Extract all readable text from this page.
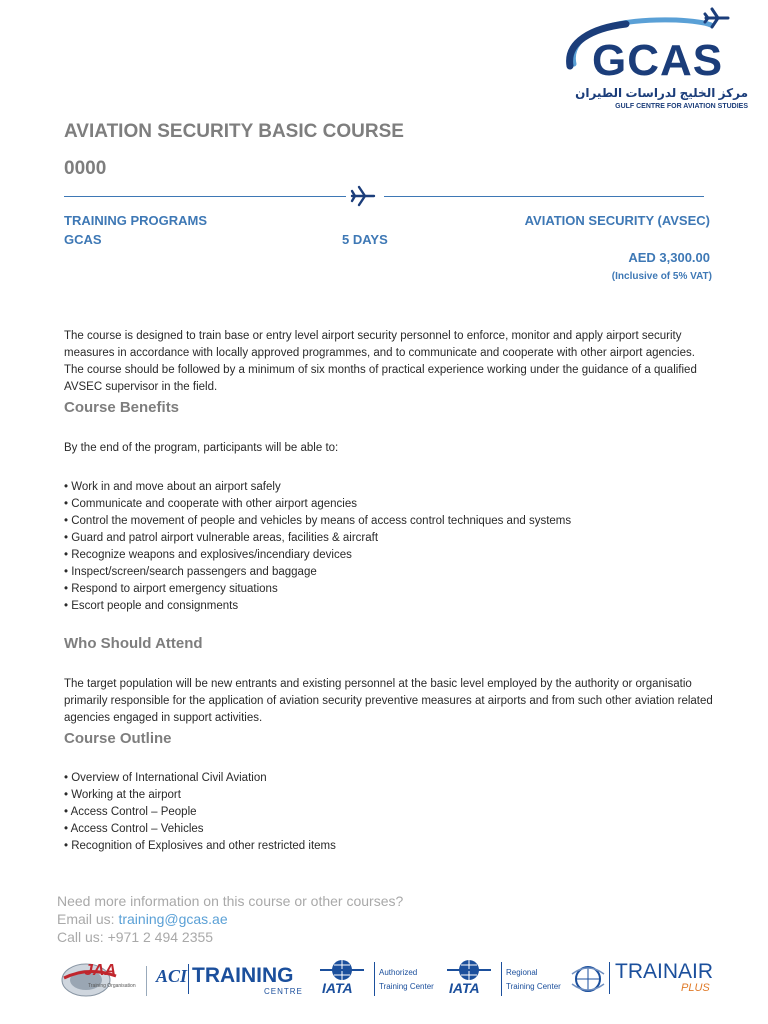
GCAS
مركز الخليج لدراسات الطيران
GULF CENTRE FOR AVIATION STUDIES
AVIATION SECURITY BASIC COURSE
0000
TRAINING PROGRAMS
GCAS	5 DAYS
AVIATION SECURITY (AVSEC)
AED 3,300.00
(Inclusive of 5% VAT)

The course is designed to train base or entry level airport security personnel to enforce, monitor and apply airport security measures in accordance with locally approved programmes, and to communicate and cooperate with other airport agencies. The course should be followed by a minimum of six months of practical experience working under the guidance of a qualified AVSEC supervisor in the field.

Course Benefits

By the end of the program, participants will be able to:

• Work in and move about an airport safely
• Communicate and cooperate with other airport agencies
• Control the movement of people and vehicles by means of access control techniques and systems
• Guard and patrol airport vulnerable areas, facilities & aircraft
• Recognize weapons and explosives/incendiary devices
• Inspect/screen/search passengers and baggage
• Respond to airport emergency situations
• Escort people and consignments
Who Should Attend

The target population will be new entrants and existing personnel at the basic level employed by the authority or organisatio primarily responsible for the application of aviation security preventive measures at airports and from such other aviation related agencies engaged in support activities.

Course Outline
• Overview of International Civil Aviation
• Working at the airport
• Access Control – People
• Access Control – Vehicles
• Recognition of Explosives and other restricted items
Need more information on this course or other courses?
Email us: training@gcas.ae
Call us: +971 2 494 2355
JAA
Training Organisation ACI TRAINING
CENTRE IATA
Authorized
Training Center IATA
Regional
Training Center
TRAINAIR
PLUS
